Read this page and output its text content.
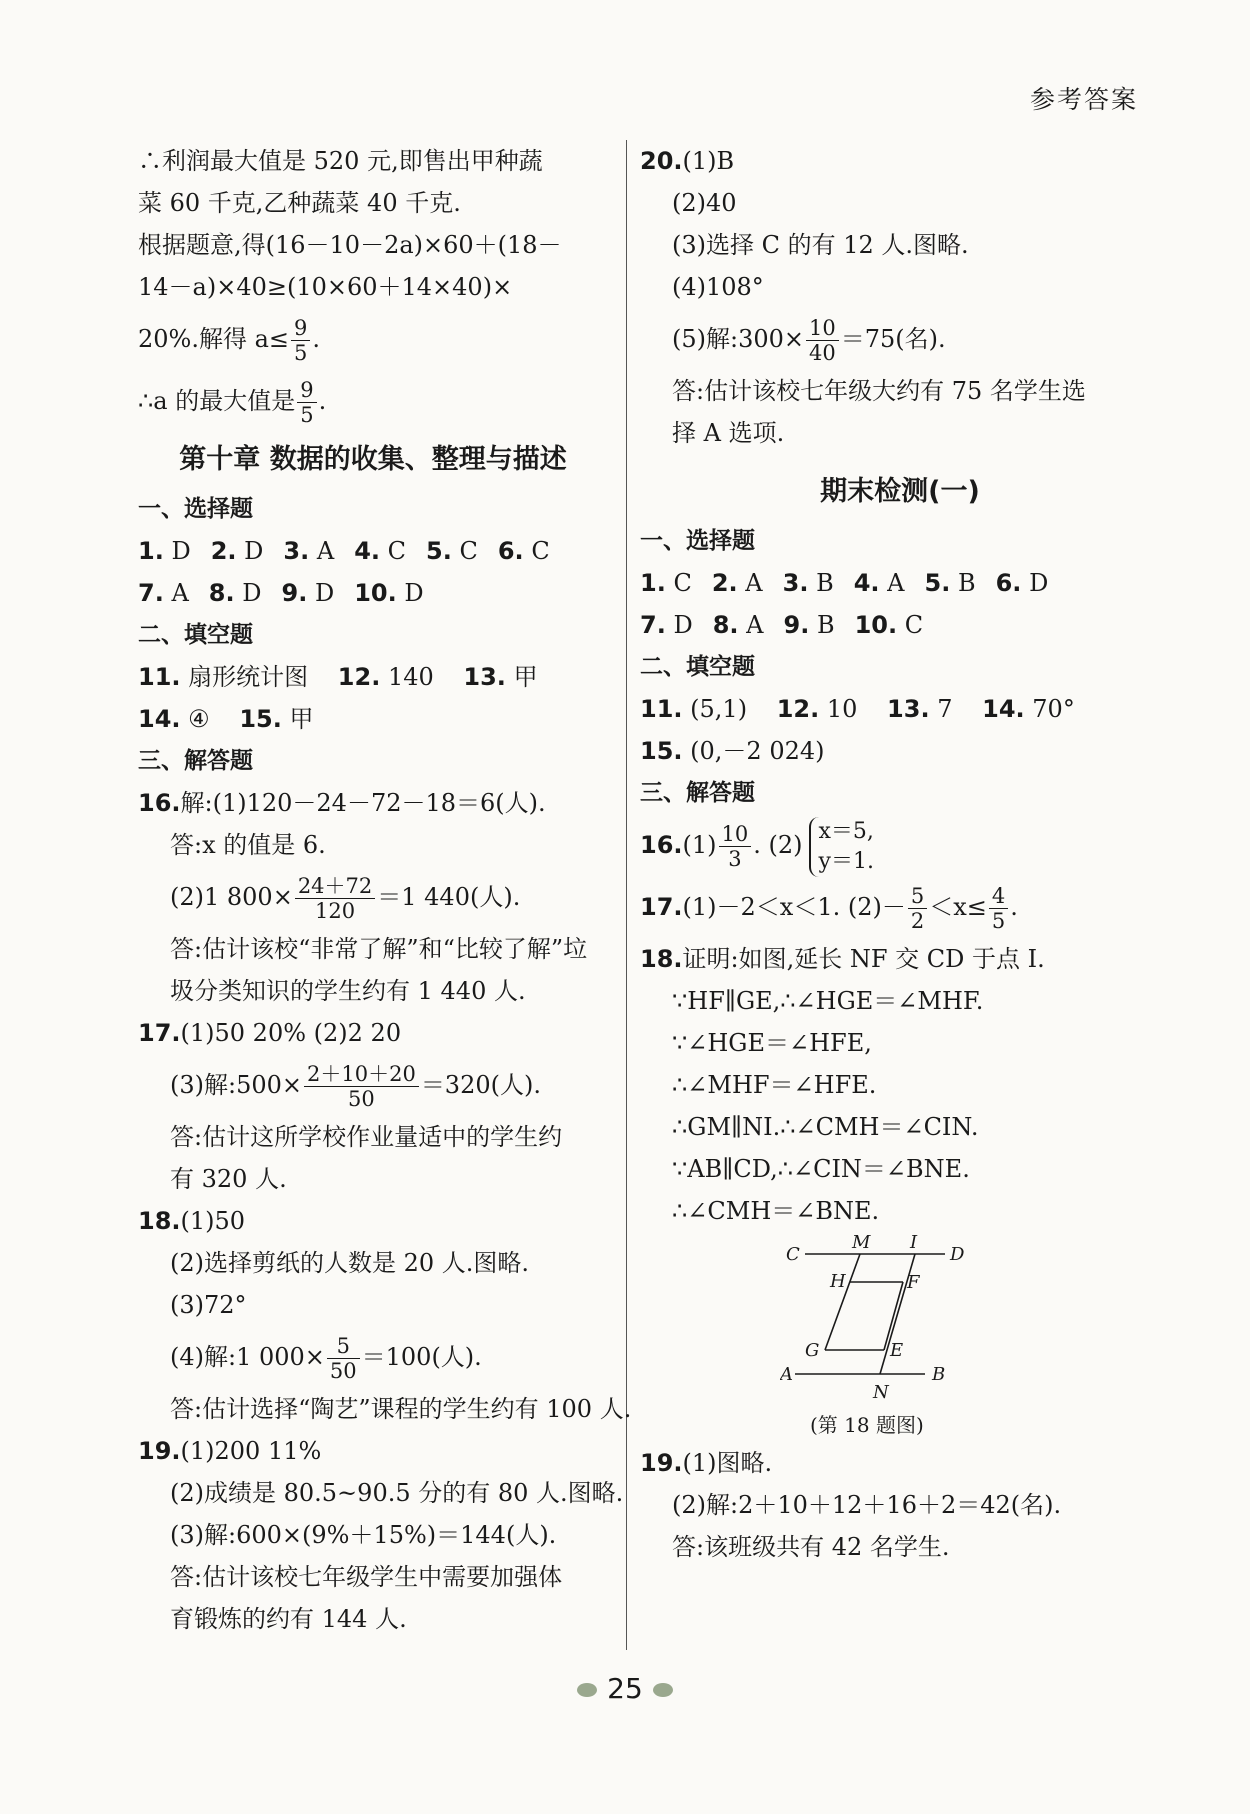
参考答案
∴利润最大值是 520 元,即售出甲种蔬
菜 60 千克,乙种蔬菜 40 千克.
根据题意,得(16－10－2a)×60＋(18－
14－a)×40≥(10×60＋14×40)×
20%.解得 $a\le \frac{9}{5}$ .
∴a 的最大值是 $\frac{9}{5}$ .
第十章 数据的收集、整理与描述
一、选择题
1. D 2. D 3. A 4. C 5. C 6. C
7. A 8. D 9. D 10. D
二、填空题
11. 扇形统计图 12. 140 13. 甲
14. ④ 15. 甲
三、解答题
16.解:(1)120－24－72－18＝6(人).
答:x 的值是 6.
(2)1 $800\times \frac{24+72}{120} =1$ 440(人).
答:估计该校“非常了解”和“比较了解”垃
圾分类知识的学生约有 1 440 人.
17.(1)50 20% (2)2 20
(3)解:500× $\frac{2+10+20}{50} =320$(人).
答:估计这所学校作业量适中的学生约
有 320 人.
18.(1)50
(2)选择剪纸的人数是 20 人.图略.
(3)72°
(4)解:1 $000\times \frac{5}{50} =100$(人).
答:估计选择“陶艺”课程的学生约有 100 人.
19.(1)200 11%
(2)成绩是 80.5~90.5 分的有 80 人.图略.
(3)解:600×(9%＋15%)＝144(人).
答:估计该校七年级学生中需要加强体
育锻炼的约有 144 人.
20.(1)B
(2)40
(3)选择 C 的有 12 人.图略.
(4)108°
(5)解:300× $\frac{10}{40} =75$(名).
答:估计该校七年级大约有 75 名学生选
择 A 选项.
期末检测(一)
一、选择题
1. C 2. A 3. B 4. A 5. B 6. D
7. D 8. A 9. B 10. C
二、填空题
11. (5,1) 12. 10 13. 7 14. 70°
15. (0,－2 024)
三、解答题
$16.(1) \frac{10}{3}$ . (2) x＝5,
y＝1.
17.(1)－2＜x＜1. $(2)- \frac{5}{2} <x\le \frac{4}{5}$ .
18.证明:如图,延长 NF 交 CD 于点 I.
∵HF∥GE,∴∠HGE＝∠MHF.
∵∠HGE＝∠HFE,
∴∠MHF＝∠HFE.
∴GM∥NI.∴∠CMH＝∠CIN.
∵AB∥CD,∴∠CIN＝∠BNE.
∴∠CMH＝∠BNE.
C
M I
D
H	F
G	E
A
N
B
(第 18 题图)
19.(1)图略.
(2)解:2＋10＋12＋16＋2＝42(名).
答:该班级共有 42 名学生.
25
